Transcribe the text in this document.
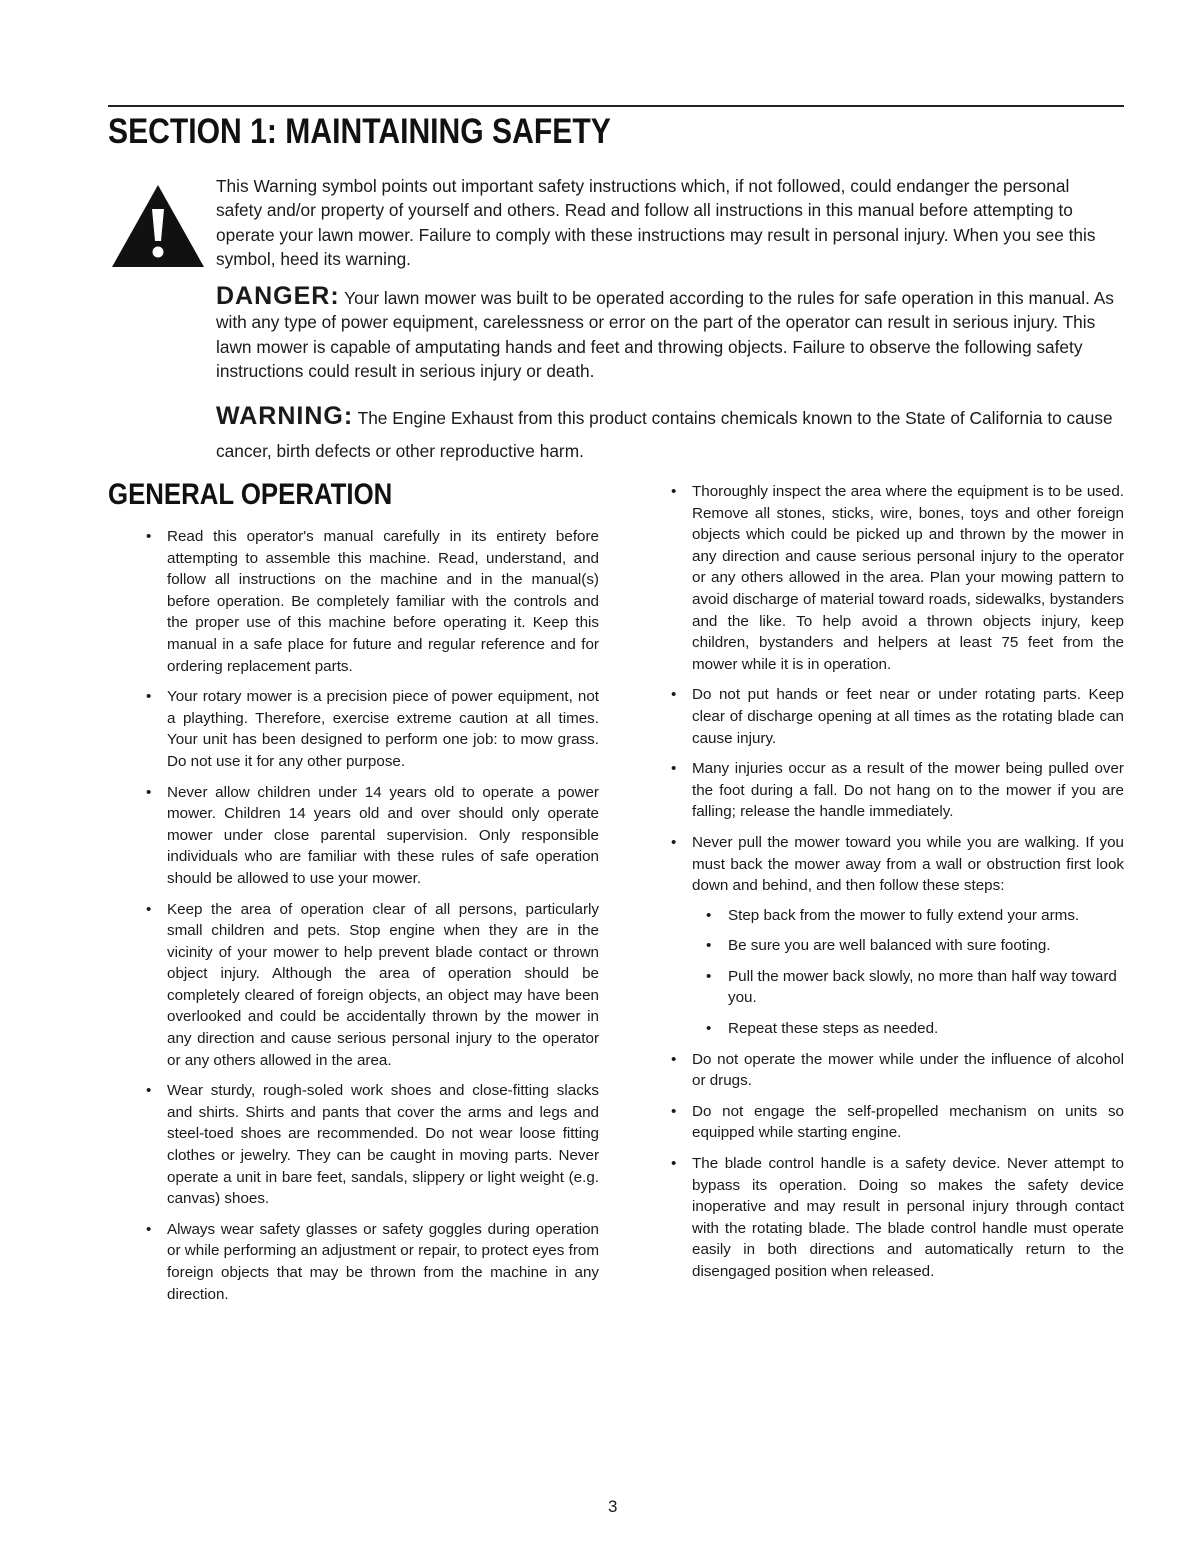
SECTION 1: MAINTAINING SAFETY

This Warning symbol points out important safety instructions which, if not followed, could endanger the personal safety and/or property of yourself and others. Read and follow all instructions in this manual before attempting to operate your lawn mower. Failure to comply with these instructions may result in personal injury. When you see this symbol, heed its warning.

DANGER: Your lawn mower was built to be operated according to the rules for safe operation in this manual. As with any type of power equipment, carelessness or error on the part of the operator can result in serious injury. This lawn mower is capable of amputating hands and feet and throwing objects. Failure to observe the following safety instructions could result in serious injury or death.

WARNING: The Engine Exhaust from this product contains chemicals known to the State of California to cause cancer, birth defects or other reproductive harm.

GENERAL OPERATION
• Read this operator's manual carefully in its entirety before attempting to assemble this machine. Read, understand, and follow all instructions on the machine and in the manual(s) before operation. Be completely familiar with the controls and the proper use of this machine before operating it. Keep this manual in a safe place for future and regular reference and for ordering replacement parts.
• Your rotary mower is a precision piece of power equipment, not a plaything. Therefore, exercise extreme caution at all times. Your unit has been designed to perform one job: to mow grass. Do not use it for any other purpose.
• Never allow children under 14 years old to operate a power mower. Children 14 years old and over should only operate mower under close parental supervision. Only responsible individuals who are familiar with these rules of safe operation should be allowed to use your mower.
• Keep the area of operation clear of all persons, particularly small children and pets. Stop engine when they are in the vicinity of your mower to help prevent blade contact or thrown object injury. Although the area of operation should be completely cleared of foreign objects, an object may have been overlooked and could be accidentally thrown by the mower in any direction and cause serious personal injury to the operator or any others allowed in the area.
• Wear sturdy, rough-soled work shoes and close-fitting slacks and shirts. Shirts and pants that cover the arms and legs and steel-toed shoes are recommended. Do not wear loose fitting clothes or jewelry. They can be caught in moving parts. Never operate a unit in bare feet, sandals, slippery or light weight (e.g. canvas) shoes.
• Always wear safety glasses or safety goggles during operation or while performing an adjustment or repair, to protect eyes from foreign objects that may be thrown from the machine in any direction.
• Thoroughly inspect the area where the equipment is to be used. Remove all stones, sticks, wire, bones, toys and other foreign objects which could be picked up and thrown by the mower in any direction and cause serious personal injury to the operator or any others allowed in the area. Plan your mowing pattern to avoid discharge of material toward roads, sidewalks, bystanders and the like. To help avoid a thrown objects injury, keep children, bystanders and helpers at least 75 feet from the mower while it is in operation.
• Do not put hands or feet near or under rotating parts. Keep clear of discharge opening at all times as the rotating blade can cause injury.
• Many injuries occur as a result of the mower being pulled over the foot during a fall. Do not hang on to the mower if you are falling; release the handle immediately.
• Never pull the mower toward you while you are walking. If you must back the mower away from a wall or obstruction first look down and behind, and then follow these steps:
• Step back from the mower to fully extend your arms.
• Be sure you are well balanced with sure footing.
• Pull the mower back slowly, no more than half way toward you.
• Repeat these steps as needed.
• Do not operate the mower while under the influence of alcohol or drugs.
• Do not engage the self-propelled mechanism on units so equipped while starting engine.
• The blade control handle is a safety device. Never attempt to bypass its operation. Doing so makes the safety device inoperative and may result in personal injury through contact with the rotating blade. The blade control handle must operate easily in both directions and automatically return to the disengaged position when released.
3
